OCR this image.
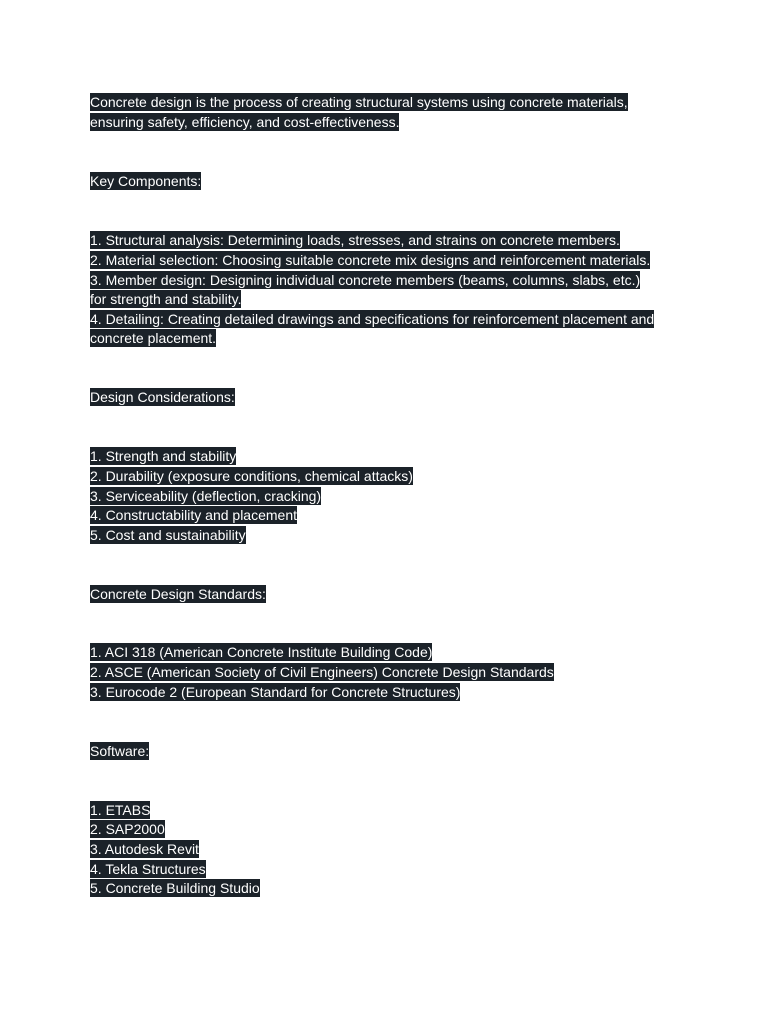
Concrete design is the process of creating structural systems using concrete materials,
ensuring safety, efficiency, and cost-effectiveness.
Key Components:
1. Structural analysis: Determining loads, stresses, and strains on concrete members.
2. Material selection: Choosing suitable concrete mix designs and reinforcement materials.
3. Member design: Designing individual concrete members (beams, columns, slabs, etc.)
for strength and stability.
4. Detailing: Creating detailed drawings and specifications for reinforcement placement and
concrete placement.
Design Considerations:
1. Strength and stability
2. Durability (exposure conditions, chemical attacks)
3. Serviceability (deflection, cracking)
4. Constructability and placement
5. Cost and sustainability
Concrete Design Standards:
1. ACI 318 (American Concrete Institute Building Code)
2. ASCE (American Society of Civil Engineers) Concrete Design Standards
3. Eurocode 2 (European Standard for Concrete Structures)
Software:
1. ETABS
2. SAP2000
3. Autodesk Revit
4. Tekla Structures
5. Concrete Building Studio
